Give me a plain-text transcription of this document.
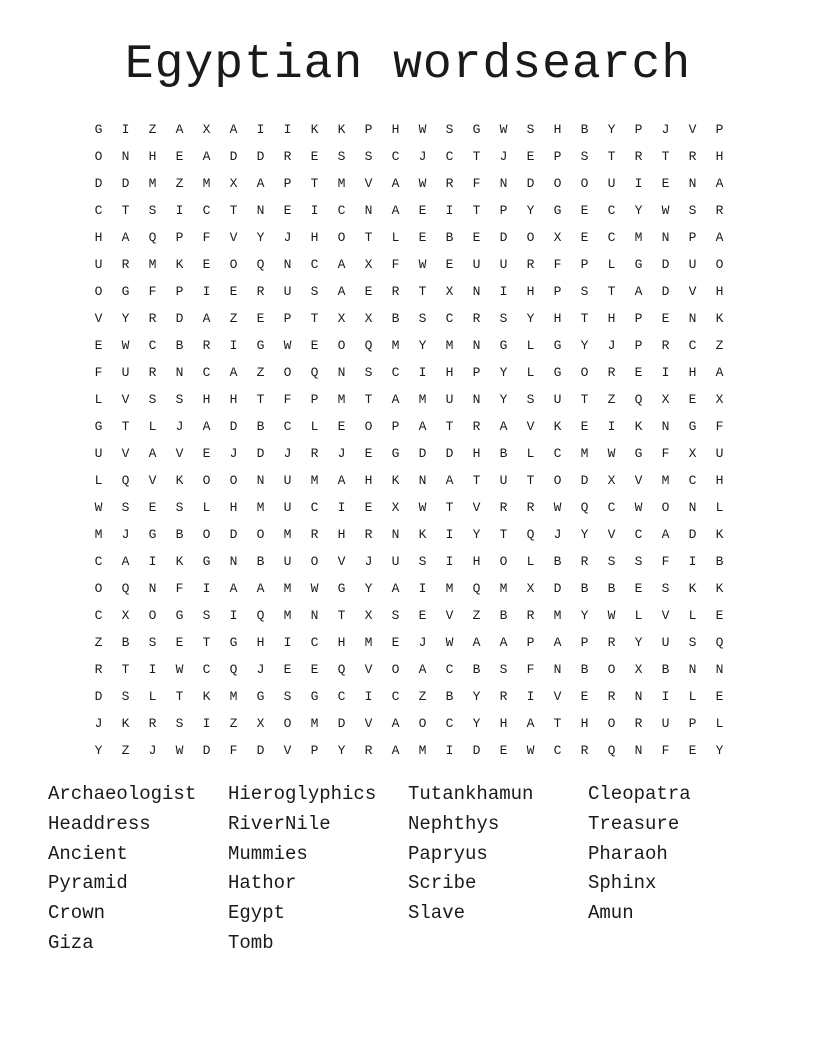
Egyptian wordsearch
G	I	Z	A	X	A	I	I	K	K	P	H	W	S	G	W	S	H	B	Y	P	J	V	P
O	N	H	E	A	D	D	R	E	S	S	C	J	C	T	J	E	P	S	T	R	T	R	H
D	D	M	Z	M	X	A	P	T	M	V	A	W	R	F	N	D	O	O	U	I	E	N	A
C	T	S	I	C	T	N	E	I	C	N	A	E	I	T	P	Y	G	E	C	Y	W	S	R
H	A	Q	P	F	V	Y	J	H	O	T	L	E	B	E	D	O	X	E	C	M	N	P	A
U	R	M	K	E	O	Q	N	C	A	X	F	W	E	U	U	R	F	P	L	G	D	U	O
O	G	F	P	I	E	R	U	S	A	E	R	T	X	N	I	H	P	S	T	A	D	V	H
V	Y	R	D	A	Z	E	P	T	X	X	B	S	C	R	S	Y	H	T	H	P	E	N	K
E	W	C	B	R	I	G	W	E	O	Q	M	Y	M	N	G	L	G	Y	J	P	R	C	Z
F	U	R	N	C	A	Z	O	Q	N	S	C	I	H	P	Y	L	G	O	R	E	I	H	A
L	V	S	S	H	H	T	F	P	M	T	A	M	U	N	Y	S	U	T	Z	Q	X	E	X
G	T	L	J	A	D	B	C	L	E	O	P	A	T	R	A	V	K	E	I	K	N	G	F
U	V	A	V	E	J	D	J	R	J	E	G	D	D	H	B	L	C	M	W	G	F	X	U
L	Q	V	K	O	O	N	U	M	A	H	K	N	A	T	U	T	O	D	X	V	M	C	H
W	S	E	S	L	H	M	U	C	I	E	X	W	T	V	R	R	W	Q	C	W	O	N	L
M	J	G	B	O	D	O	M	R	H	R	N	K	I	Y	T	Q	J	Y	V	C	A	D	K
C	A	I	K	G	N	B	U	O	V	J	U	S	I	H	O	L	B	R	S	S	F	I	B
O	Q	N	F	I	A	A	M	W	G	Y	A	I	M	Q	M	X	D	B	B	E	S	K	K
C	X	O	G	S	I	Q	M	N	T	X	S	E	V	Z	B	R	M	Y	W	L	V	L	E
Z	B	S	E	T	G	H	I	C	H	M	E	J	W	A	A	P	A	P	R	Y	U	S	Q
R	T	I	W	C	Q	J	E	E	Q	V	O	A	C	B	S	F	N	B	O	X	B	N	N
D	S	L	T	K	M	G	S	G	C	I	C	Z	B	Y	R	I	V	E	R	N	I	L	E
J	K	R	S	I	Z	X	O	M	D	V	A	O	C	Y	H	A	T	H	O	R	U	P	L
Y	Z	J	W	D	F	D	V	P	Y	R	A	M	I	D	E	W	C	R	Q	N	F	E	Y
Archaeologist	Hieroglyphics	Tutankhamun	Cleopatra
Headdress	RiverNile	Nephthys	Treasure
Ancient	Mummies	Papryus	Pharaoh
Pyramid	Hathor	Scribe	Sphinx
Crown	Egypt	Slave	Amun
Giza	Tomb
